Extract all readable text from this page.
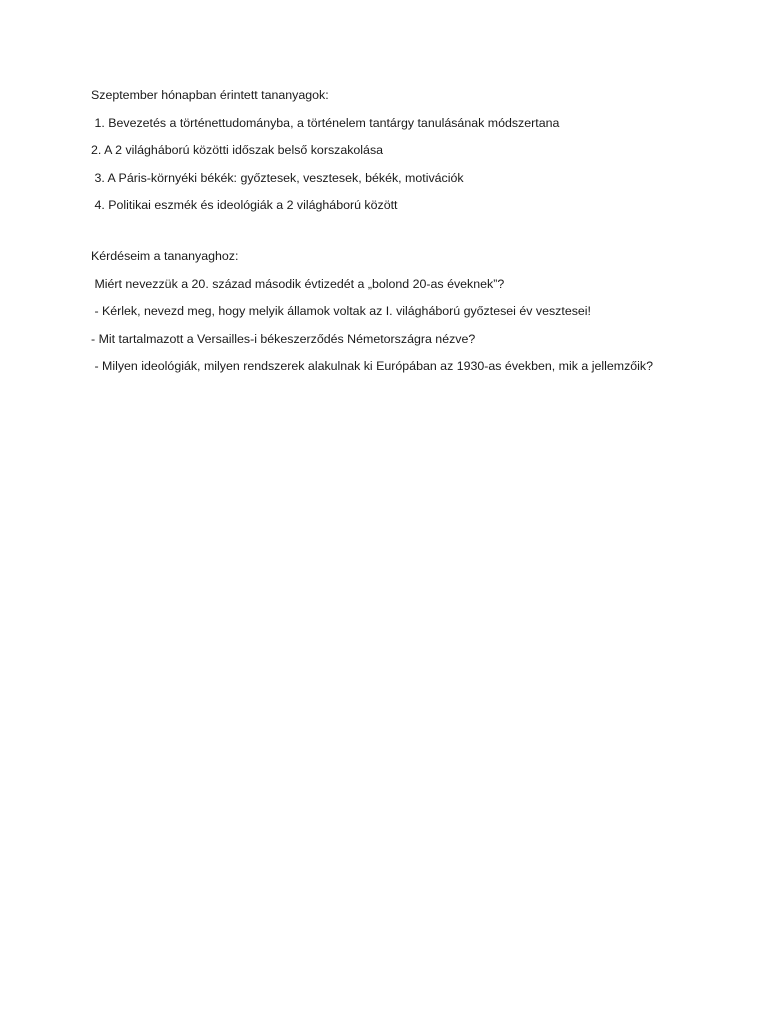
Szeptember hónapban érintett tananyagok:
1. Bevezetés a történettudományba, a történelem tantárgy tanulásának módszertana
2. A 2 világháború közötti időszak belső korszakolása
3. A Páris-környéki békék: győztesek, vesztesek, békék, motivációk
4. Politikai eszmék és ideológiák a 2 világháború között
Kérdéseim a tananyaghoz:
Miért nevezzük a 20. század második évtizedét a „bolond 20-as éveknek”?
- Kérlek, nevezd meg, hogy melyik államok voltak az I. világháború győztesei év vesztesei!
- Mit tartalmazott a Versailles-i békeszerződés Németországra nézve?
- Milyen ideológiák, milyen rendszerek alakulnak ki Európában az 1930-as években, mik a jellemzőik?
